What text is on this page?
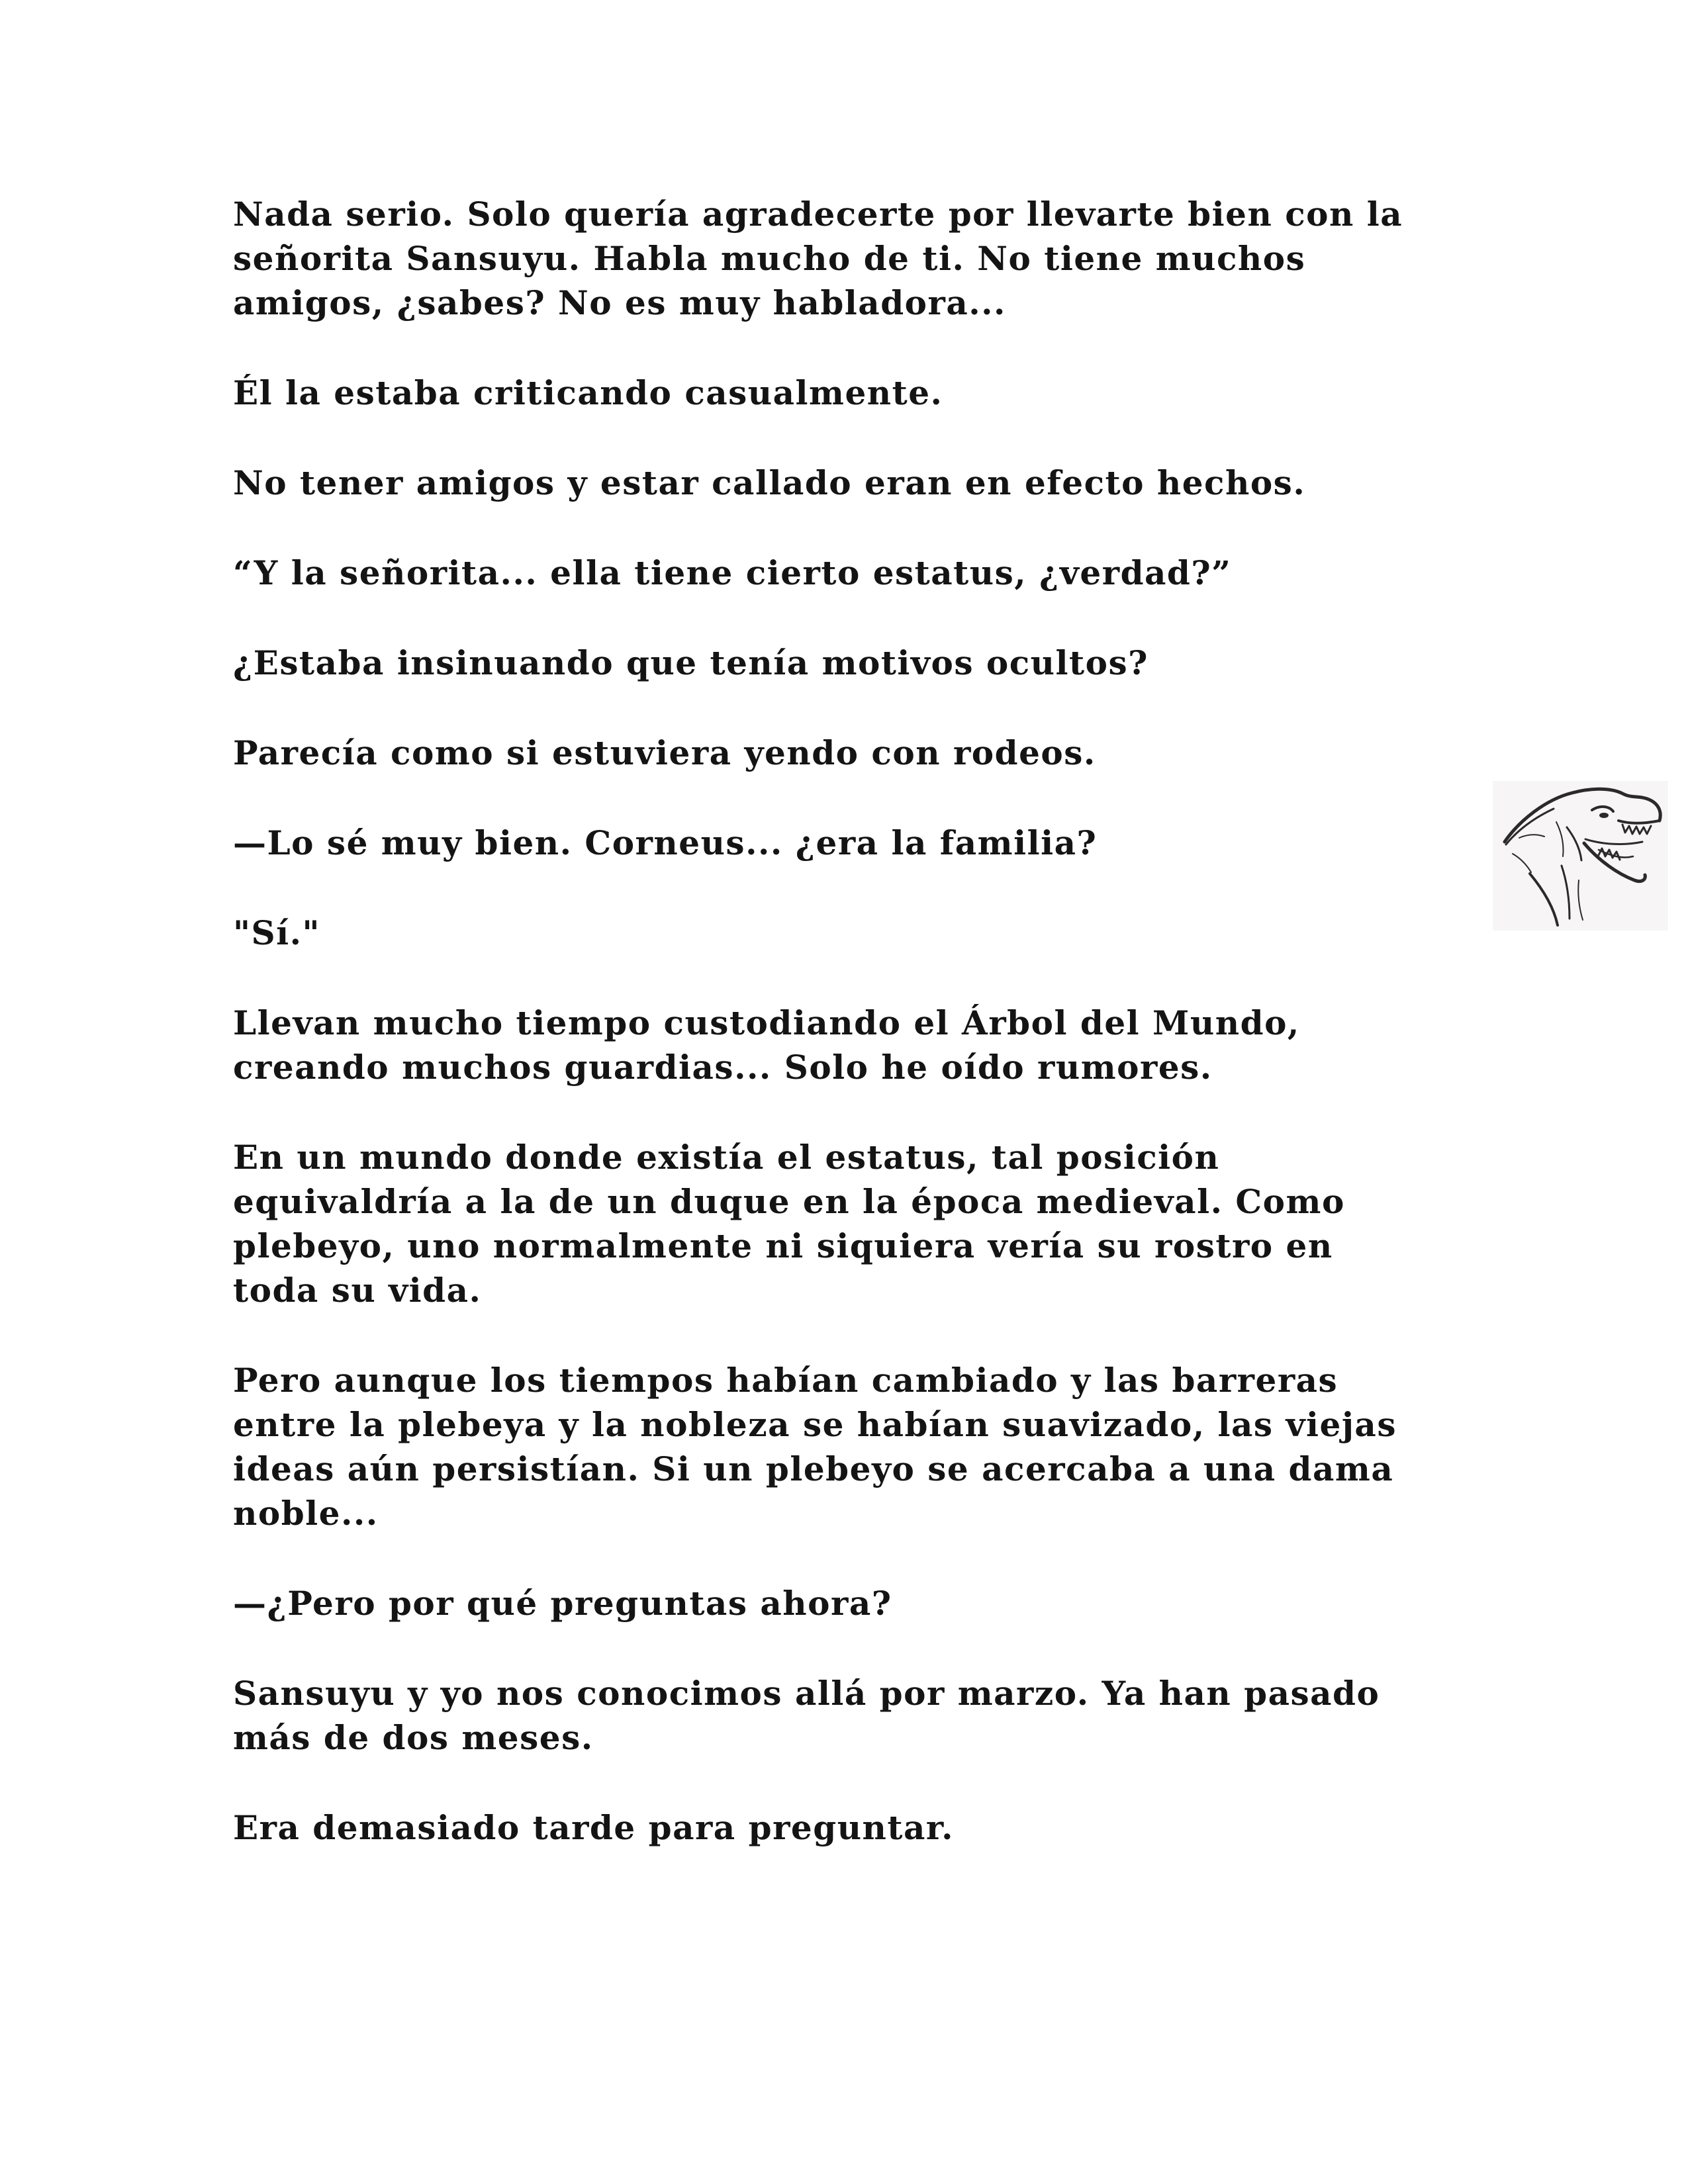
Nada serio. Solo quería agradecerte por llevarte bien con la
señorita Sansuyu. Habla mucho de ti. No tiene muchos
amigos, ¿sabes? No es muy habladora...

Él la estaba criticando casualmente.

No tener amigos y estar callado eran en efecto hechos.

“Y la señorita... ella tiene cierto estatus, ¿verdad?”

¿Estaba insinuando que tenía motivos ocultos?

Parecía como si estuviera yendo con rodeos.

—Lo sé muy bien. Corneus... ¿era la familia?

"Sí."

Llevan mucho tiempo custodiando el Árbol del Mundo,
creando muchos guardias... Solo he oído rumores.

En un mundo donde existía el estatus, tal posición
equivaldría a la de un duque en la época medieval. Como
plebeyo, uno normalmente ni siquiera vería su rostro en
toda su vida.

Pero aunque los tiempos habían cambiado y las barreras
entre la plebeya y la nobleza se habían suavizado, las viejas
ideas aún persistían. Si un plebeyo se acercaba a una dama
noble...

—¿Pero por qué preguntas ahora?

Sansuyu y yo nos conocimos allá por marzo. Ya han pasado
más de dos meses.

Era demasiado tarde para preguntar.
